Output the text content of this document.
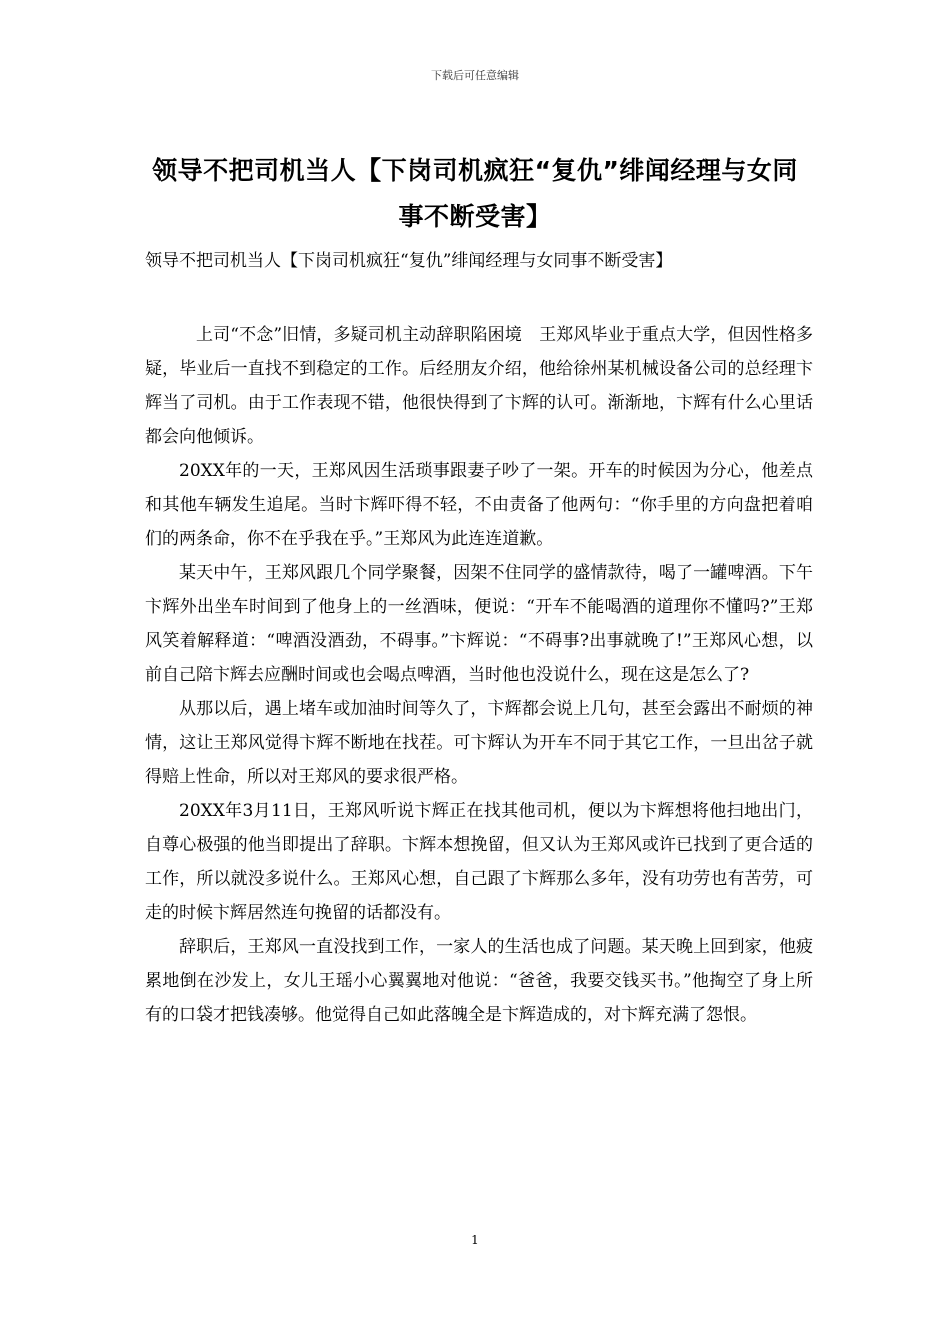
下载后可任意编辑
领导不把司机当人【下岗司机疯狂“复仇”绯闻经理与女同事不断受害】
领导不把司机当人【下岗司机疯狂“复仇”绯闻经理与女同事不断受害】

上司“不念”旧情，多疑司机主动辞职陷困境　王郑风毕业于重点大学，但因性格多疑，毕业后一直找不到稳定的工作。后经朋友介绍，他给徐州某机械设备公司的总经理卞辉当了司机。由于工作表现不错，他很快得到了卞辉的认可。渐渐地，卞辉有什么心里话都会向他倾诉。

20XX年的一天，王郑风因生活琐事跟妻子吵了一架。开车的时候因为分心，他差点和其他车辆发生追尾。当时卞辉吓得不轻，不由责备了他两句：“你手里的方向盘把着咱们的两条命，你不在乎我在乎。”王郑风为此连连道歉。

某天中午，王郑风跟几个同学聚餐，因架不住同学的盛情款待，喝了一罐啤酒。下午卞辉外出坐车时间到了他身上的一丝酒味，便说：“开车不能喝酒的道理你不懂吗?”王郑风笑着解释道：“啤酒没酒劲，不碍事。”卞辉说：“不碍事?出事就晚了!”王郑风心想，以前自己陪卞辉去应酬时间或也会喝点啤酒，当时他也没说什么，现在这是怎么了?

从那以后，遇上堵车或加油时间等久了，卞辉都会说上几句，甚至会露出不耐烦的神情，这让王郑风觉得卞辉不断地在找茬。可卞辉认为开车不同于其它工作，一旦出岔子就得赔上性命，所以对王郑风的要求很严格。

20XX年3月11日，王郑风听说卞辉正在找其他司机，便以为卞辉想将他扫地出门，自尊心极强的他当即提出了辞职。卞辉本想挽留，但又认为王郑风或许已找到了更合适的工作，所以就没多说什么。王郑风心想，自己跟了卞辉那么多年，没有功劳也有苦劳，可走的时候卞辉居然连句挽留的话都没有。

辞职后，王郑风一直没找到工作，一家人的生活也成了问题。某天晚上回到家，他疲累地倒在沙发上，女儿王瑶小心翼翼地对他说：“爸爸，我要交钱买书。”他掏空了身上所有的口袋才把钱凑够。他觉得自己如此落魄全是卞辉造成的，对卞辉充满了怨恨。

1
